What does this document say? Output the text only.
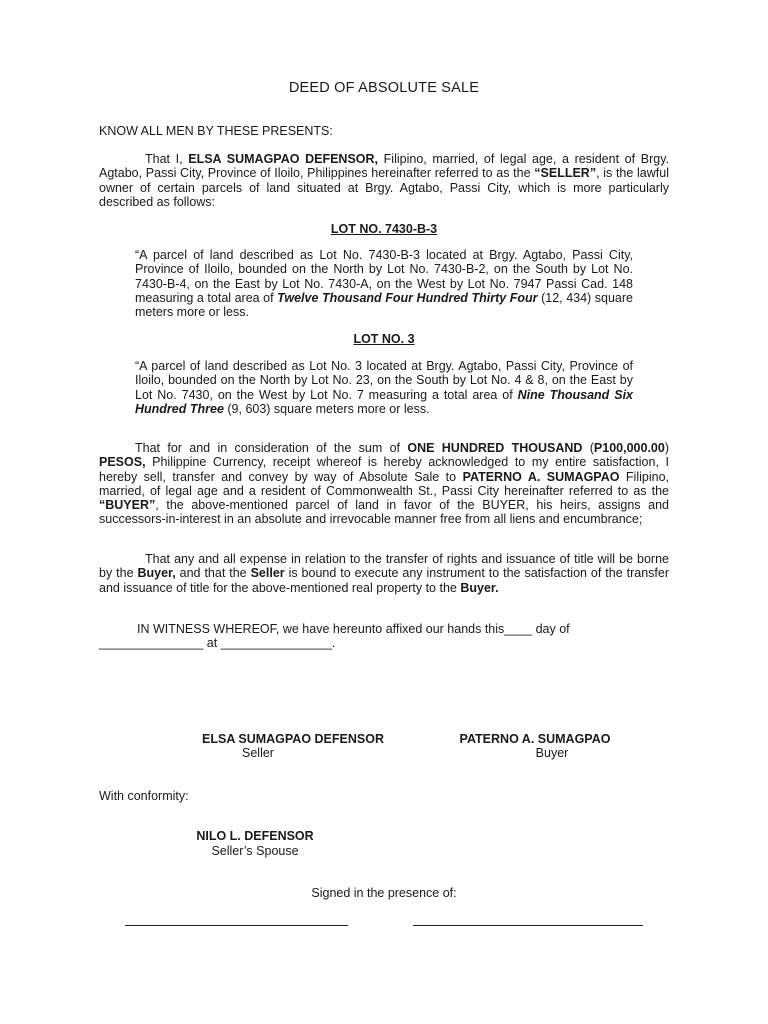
DEED OF ABSOLUTE SALE
KNOW ALL MEN BY THESE PRESENTS:
That I, ELSA SUMAGPAO DEFENSOR, Filipino, married, of legal age, a resident of Brgy. Agtabo, Passi City, Province of Iloilo, Philippines hereinafter referred to as the “SELLER”, is the lawful owner of certain parcels of land situated at Brgy. Agtabo, Passi City, which is more particularly described as follows:
LOT NO. 7430-B-3
“A parcel of land described as Lot No. 7430-B-3 located at Brgy. Agtabo, Passi City, Province of Iloilo, bounded on the North by Lot No. 7430-B-2, on the South by Lot No. 7430-B-4, on the East by Lot No. 7430-A, on the West by Lot No. 7947 Passi Cad. 148 measuring a total area of Twelve Thousand Four Hundred Thirty Four (12, 434) square meters more or less.
LOT NO. 3
“A parcel of land described as Lot No. 3 located at Brgy. Agtabo, Passi City, Province of Iloilo, bounded on the North by Lot No. 23, on the South by Lot No. 4 & 8, on the East by Lot No. 7430, on the West by Lot No. 7 measuring a total area of Nine Thousand Six Hundred Three (9, 603) square meters more or less.
That for and in consideration of the sum of ONE HUNDRED THOUSAND (P100,000.00) PESOS, Philippine Currency, receipt whereof is hereby acknowledged to my entire satisfaction, I hereby sell, transfer and convey by way of Absolute Sale to PATERNO A. SUMAGPAO Filipino, married, of legal age and a resident of Commonwealth St., Passi City hereinafter referred to as the “BUYER”, the above-mentioned parcel of land in favor of the BUYER, his heirs, assigns and successors-in-interest in an absolute and irrevocable manner free from all liens and encumbrance;
That any and all expense in relation to the transfer of rights and issuance of title will be borne by the Buyer, and that the Seller is bound to execute any instrument to the satisfaction of the transfer and issuance of title for the above-mentioned real property to the Buyer.
IN WITNESS WHEREOF, we have hereunto affixed our hands this____ day of
_______________ at ________________.
ELSA SUMAGPAO DEFENSOR
Seller
PATERNO A. SUMAGPAO
Buyer
With conformity:
NILO L. DEFENSOR
Seller’s Spouse
Signed in the presence of:
